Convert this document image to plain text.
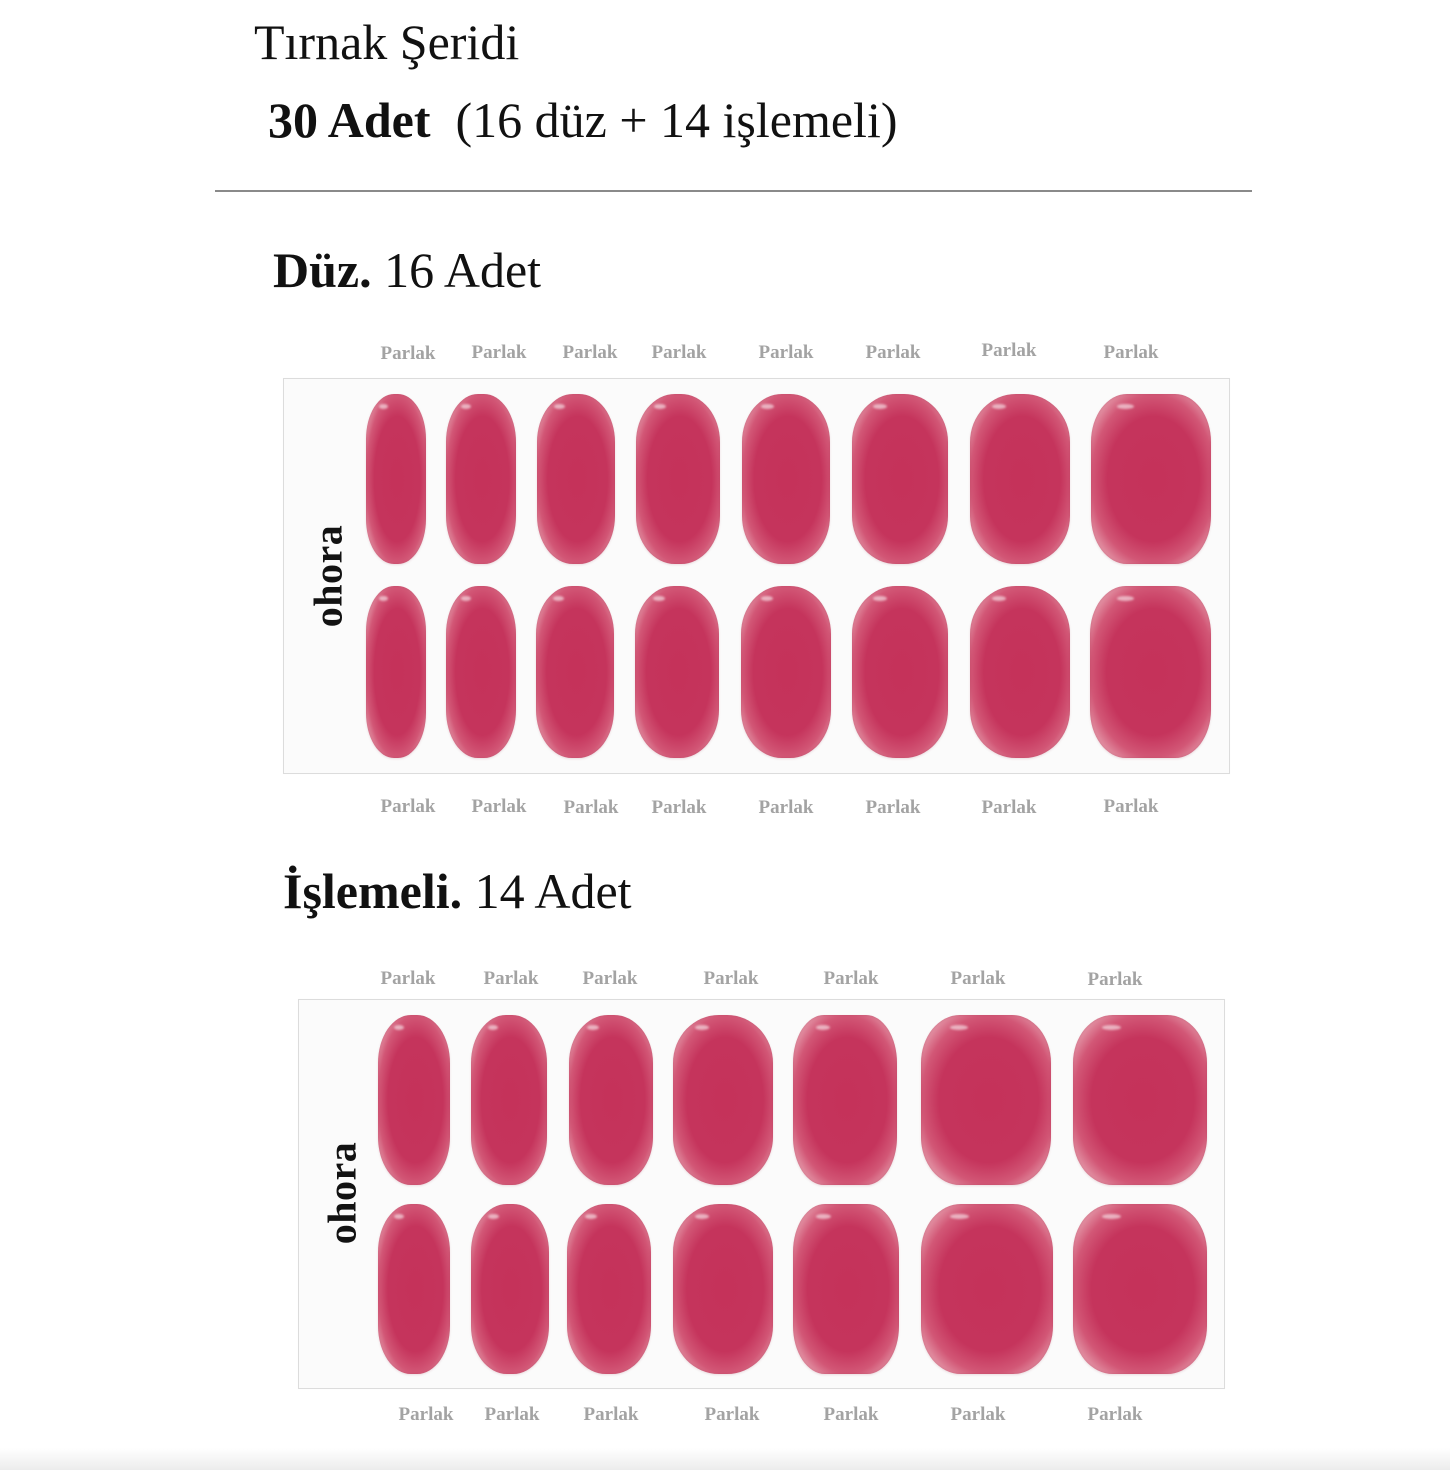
Tırnak Şeridi
30 Adet (16 düz + 14 işlemeli)
Düz. 16 Adet
Parlak Parlak Parlak Parlak	Parlak	Parlak	Parlak	Parlak
ohora
Parlak Parlak Parlak Parlak	Parlak	Parlak	Parlak	Parlak
İşlemeli. 14 Adet
Parlak	Parlak Parlak	Parlak	Parlak	Parlak	Parlak
ohora
Parlak Parlak Parlak	Parlak	Parlak	Parlak	Parlak
